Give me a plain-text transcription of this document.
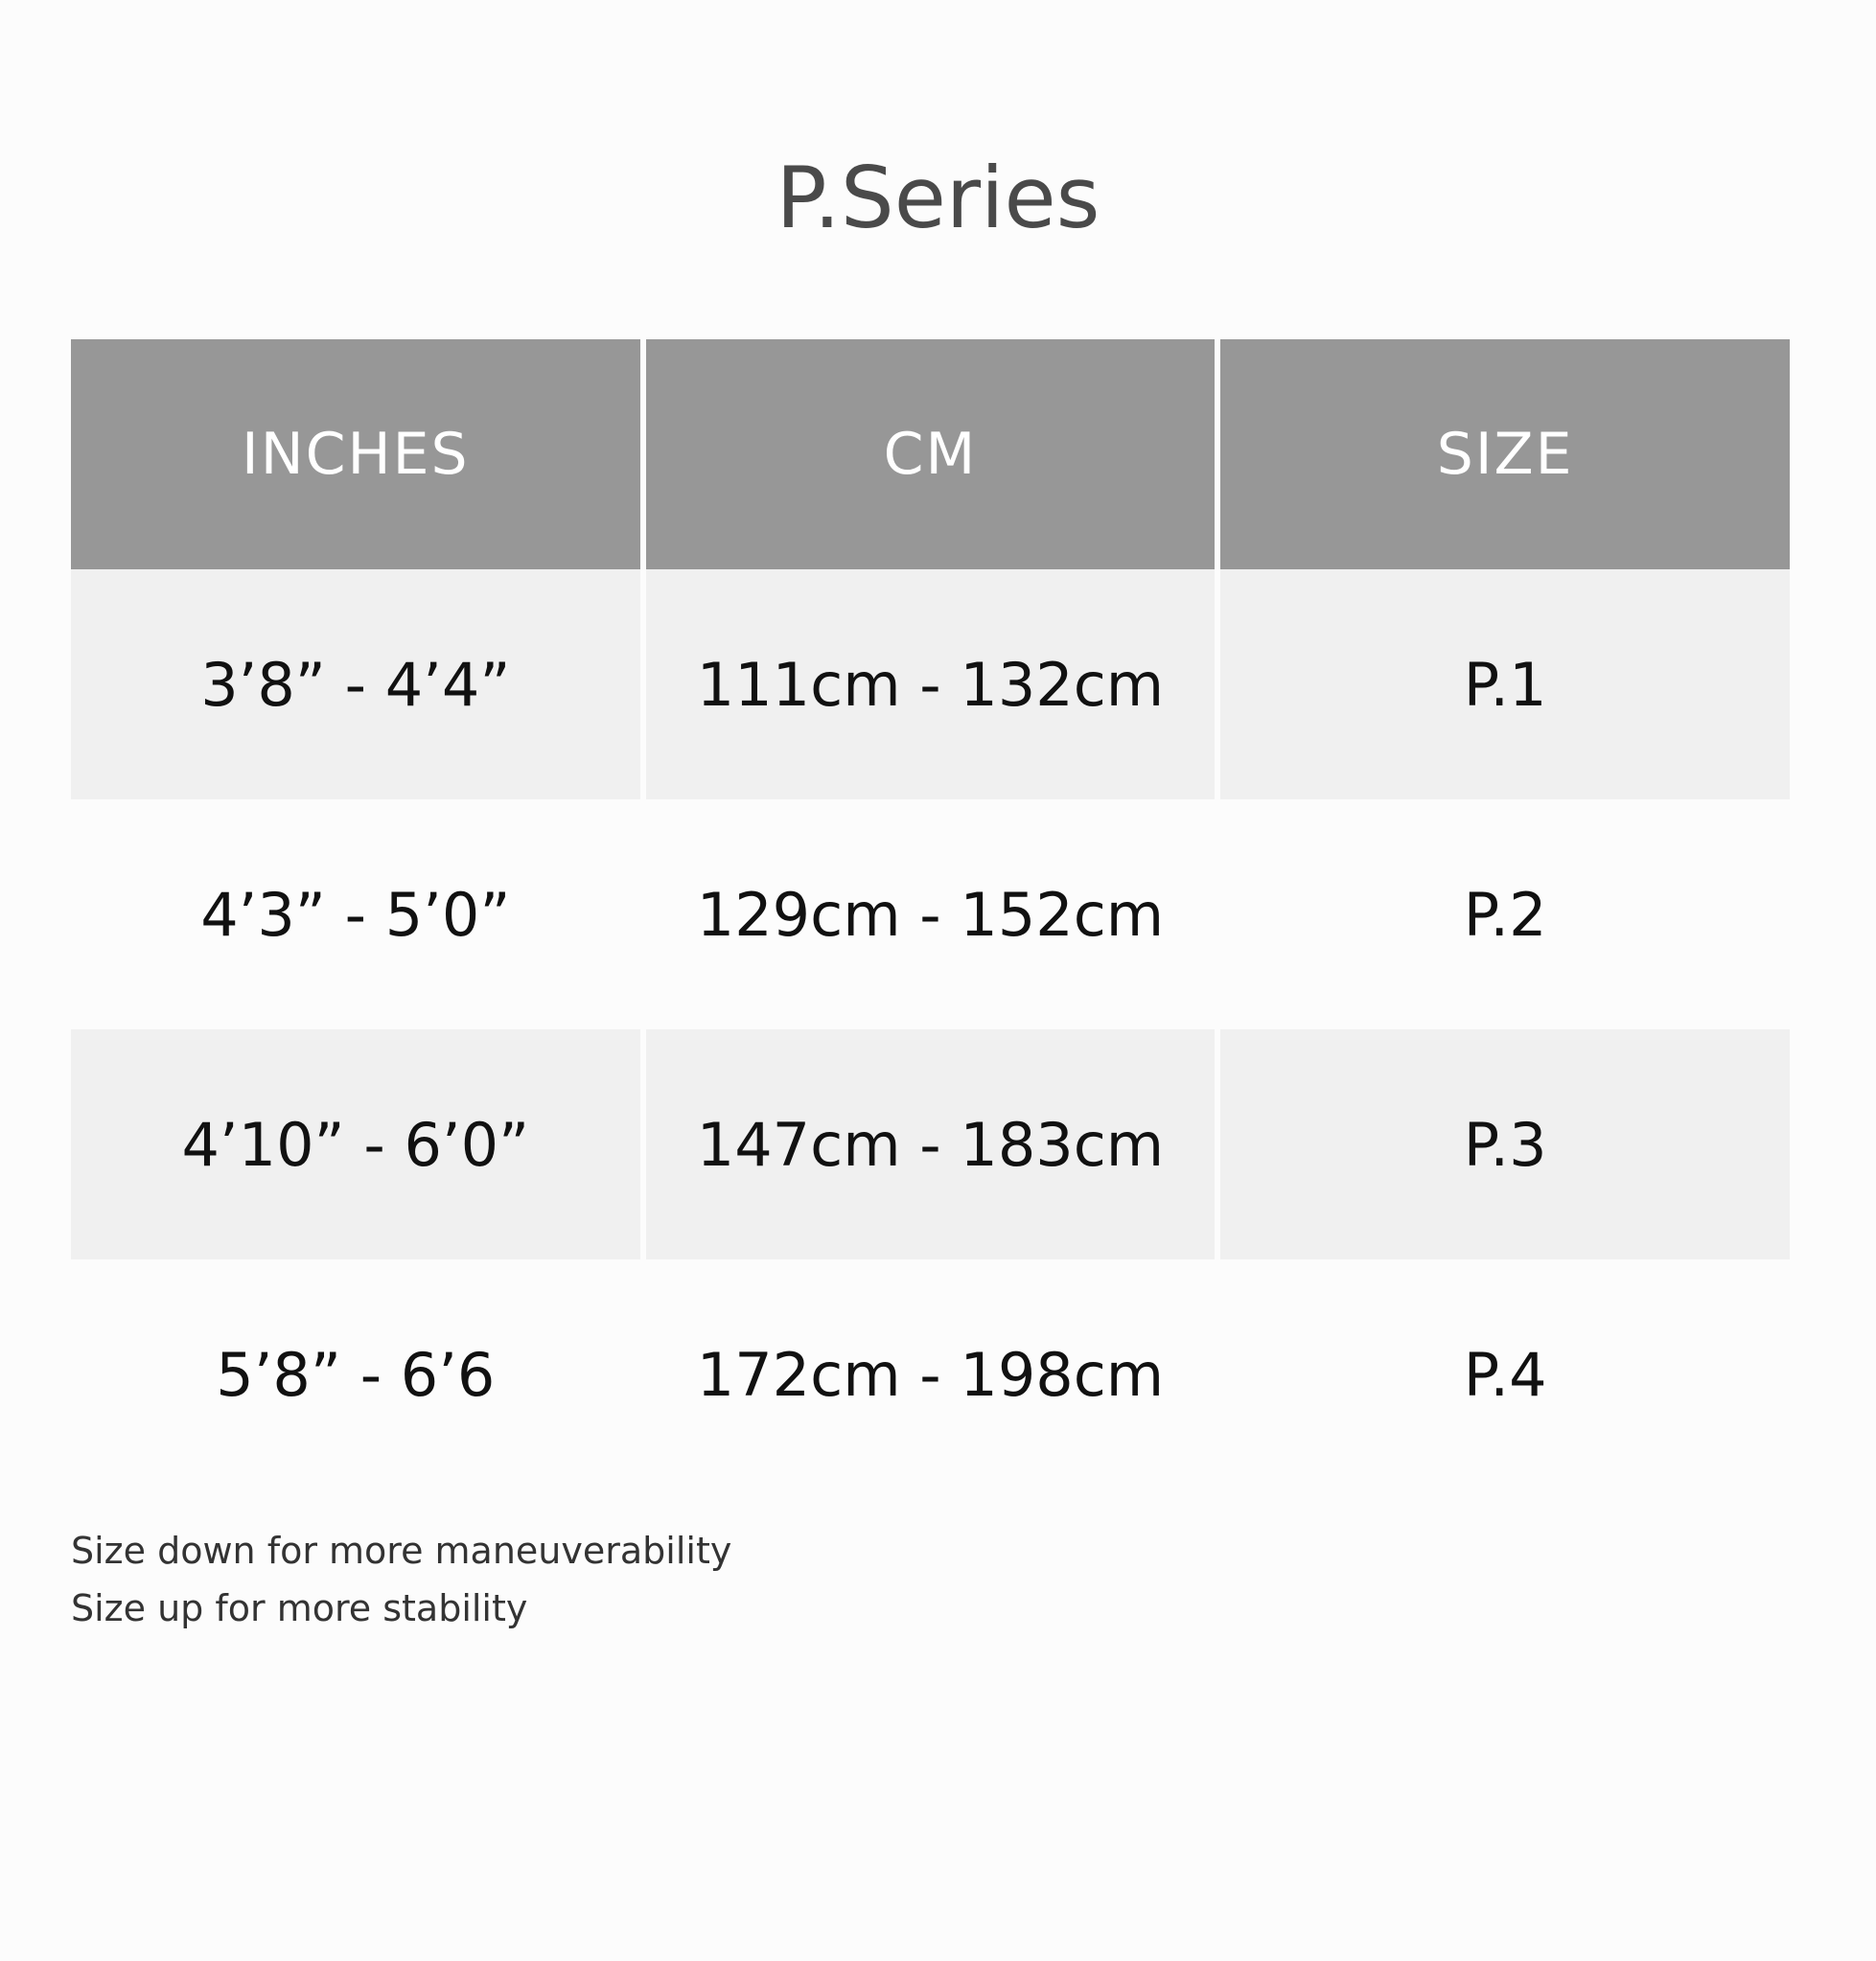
P.Series
INCHES	CM	SIZE
3’8” - 4’4”	111cm - 132cm	P.1
4’3” - 5’0”	129cm - 152cm	P.2
4’10” - 6’0”	147cm - 183cm	P.3
5’8” - 6’6	172cm - 198cm	P.4
Size down for more maneuverability
Size up for more stability
